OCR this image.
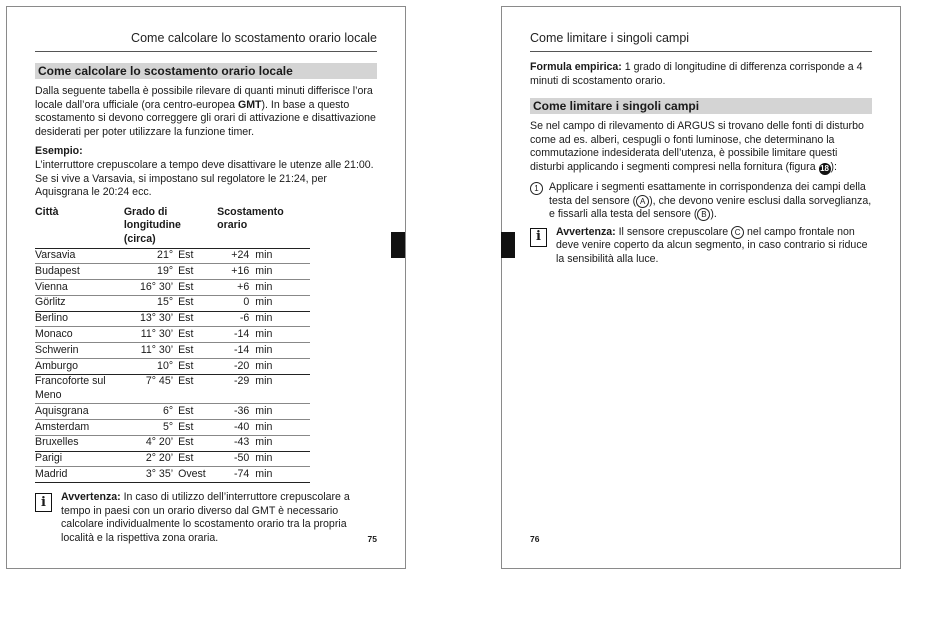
Come calcolare lo scostamento orario locale
Come calcolare lo scostamento orario locale

Dalla seguente tabella è possibile rilevare di quanti minuti differisce l’ora locale dall’ora ufficiale (ora centro-europea GMT). In base a questo scostamento si devono correggere gli orari di attivazione e disattivazione desiderati per poter utilizzare la funzione timer.

Esempio:

L’interruttore crepuscolare a tempo deve disattivare le utenze alle 21:00. Se si vive a Varsavia, si impostano sul regolatore le 21:24, per Aquisgrana le 20:24 ecc.

Città	Grado di longitudine (circa)		Scostamento orario	
Varsavia	21°	Est	+24	min
Budapest	19°	Est	+16	min
Vienna	16° 30’	Est	+6	min
Görlitz	15°	Est	0	min
Berlino	13° 30’	Est	-6	min
Monaco	11° 30’	Est	-14	min
Schwerin	11° 30’	Est	-14	min
Amburgo	10°	Est	-20	min
Francoforte sul Meno	7° 45’	Est	-29	min
Aquisgrana	6°	Est	-36	min
Amsterdam	5°	Est	-40	min
Bruxelles	4° 20’	Est	-43	min
Parigi	2° 20’	Est	-50	min
Madrid	3° 35’	Ovest	-74	min
i	Avvertenza: In caso di utilizzo dell’interruttore crepuscolare a tempo in paesi con un orario diverso dal GMT è necessario calcolare individualmente lo scostamento orario tra la propria località e la rispettiva zona oraria.	75
Come limitare i singoli campi

Formula empirica: 1 grado di longitudine di differenza corrisponde a 4 minuti di scostamento orario.

Come limitare i singoli campi

Se nel campo di rilevamento di ARGUS si trovano delle fonti di disturbo come ad es. alberi, cespugli o fonti luminose, che determinano la commutazione indesiderata dell’utenza, è possibile limitare questi disturbi applicando i segmenti compresi nella fornitura (figura 18 ):

1 Applicare i segmenti esattamente in corrispondenza dei campi della testa del sensore ( A ), che devono venire esclusi dalla sorveglianza, e fissarli alla testa del sensore ( B ).
i	Avvertenza: Il sensore crepuscolare C nel campo frontale non deve venire coperto da alcun segmento, in caso contrario si riduce la sensibilità alla luce.
76
